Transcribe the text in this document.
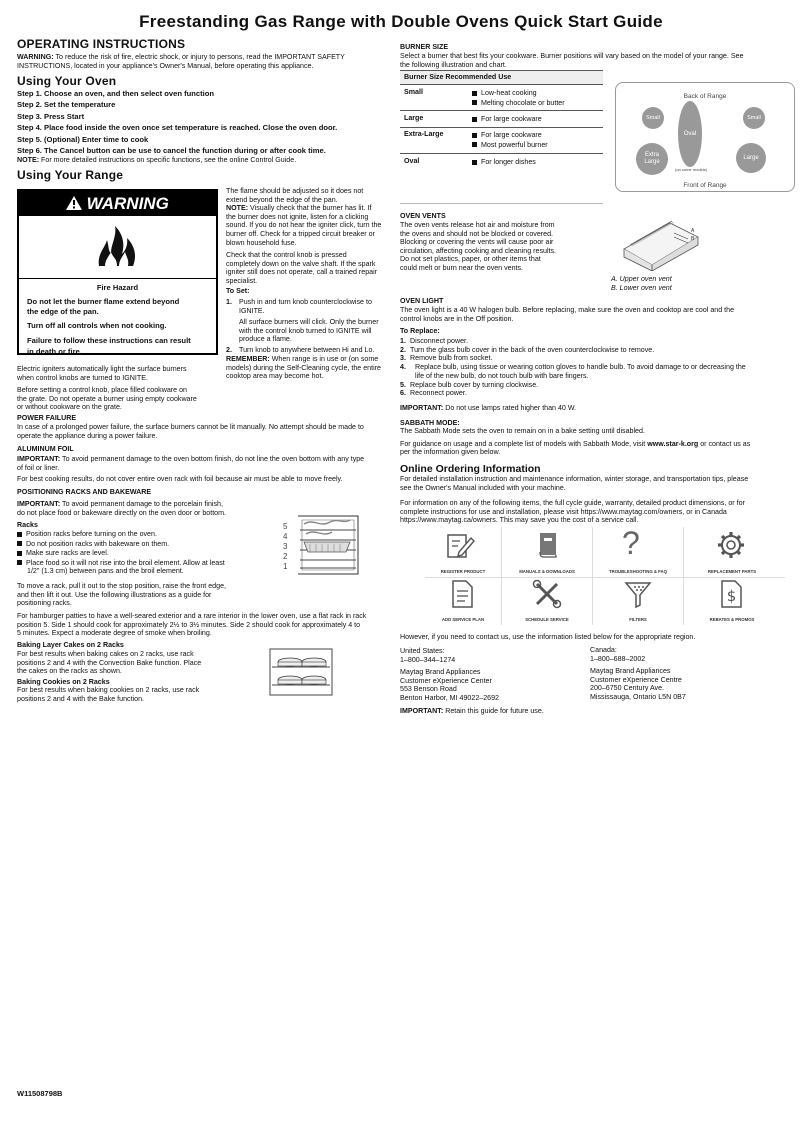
Freestanding Gas Range with Double Ovens Quick Start Guide
OPERATING INSTRUCTIONS
WARNING: To reduce the risk of fire, electric shock, or injury to persons, read the IMPORTANT SAFETY
INSTRUCTIONS, located in your appliance's Owner's Manual, before operating this appliance.
Using Your Oven
Step 1. Choose an oven, and then select oven function
Step 2. Set the temperature
Step 3. Press Start
Step 4. Place food inside the oven once set temperature is reached. Close the oven door.
Step 5. (Optional) Enter time to cook
Step 6. The Cancel button can be use to cancel the function during or after cook time.
NOTE: For more detailed instructions on specific functions, see the online Control Guide.
Using Your Range
WARNING
Fire Hazard
Do not let the burner flame extend beyond
the edge of the pan.
Turn off all controls when not cooking.
Failure to follow these instructions can result
in death or fire.
Electric igniters automatically light the surface burners
when control knobs are turned to IGNITE.
Before setting a control knob, place filled cookware on
the grate. Do not operate a burner using empty cookware
or without cookware on the grate.
POWER FAILURE
In case of a prolonged power failure, the surface burners cannot be lit manually. No attempt should be made to
operate the appliance during a power failure.
ALUMINUM FOIL
IMPORTANT: To avoid permanent damage to the oven bottom finish, do not line the oven bottom with any type
of foil or liner.
For best cooking results, do not cover entire oven rack with foil because air must be able to move freely.
POSITIONING RACKS AND BAKEWARE
IMPORTANT: To avoid permanent damage to the porcelain finish,
do not place food or bakeware directly on the oven door or bottom.
Racks
Position racks before turning on the oven.
Do not position racks with bakeware on them.
Make sure racks are level.
Place food so it will not rise into the broil element. Allow at least
1/2" (1.3 cm) between pans and the broil element.
To move a rack, pull it out to the stop position, raise the front edge,
and then lift it out. Use the following illustrations as a guide for
positioning racks.
5
4
3
2
1
For hamburger patties to have a well-seared exterior and a rare interior in the lower oven, use a flat rack in rack
position 5. Side 1 should cook for approximately 2½ to 3½ minutes. Side 2 should cook for approximately 4 to
5 minutes. Expect a moderate degree of smoke when broiling.
Baking Layer Cakes on 2 Racks
For best results when baking cakes on 2 racks, use rack
positions 2 and 4 with the Convection Bake function. Place
the cakes on the racks as shown.
Baking Cookies on 2 Racks
For best results when baking cookies on 2 racks, use rack
positions 2 and 4 with the Bake function.
The flame should be adjusted so it does not
extend beyond the edge of the pan.
NOTE: Visually check that the burner has lit. If
the burner does not ignite, listen for a clicking
sound. If you do not hear the igniter click, turn the
burner off. Check for a tripped circuit breaker or
blown household fuse.
Check that the control knob is pressed
completely down on the valve shaft. If the spark
igniter still does not operate, call a trained repair
specialist.
To Set:
1. Push in and turn knob counterclockwise to
IGNITE.
All surface burners will click. Only the burner
with the control knob turned to IGNITE will
produce a flame.
2. Turn knob to anywhere between Hi and Lo.
REMEMBER: When range is in use or (on some
models) during the Self-Cleaning cycle, the entire
cooktop area may become hot.
BURNER SIZE
Select a burner that best fits your cookware. Burner positions will vary based on the model of your range. See
the following illustration and chart.
Burner Size Recommended Use
Small	Low-heat cooking
Melting chocolate or butter
Large	For large cookware
Extra-Large	For large cookware
Most powerful burner
Oval	For longer dishes
Back of Range
Small	Small
Oval
Extra
Large
Large
(on some models)
Front of Range
OVEN VENTS
The oven vents release hot air and moisture from
the ovens and should not be blocked or covered.
Blocking or covering the vents will cause poor air
circulation, affecting cooking and cleaning results.
Do not set plastics, paper, or other items that
could melt or burn near the oven vents.
A
B
A. Upper oven vent
B. Lower oven vent
OVEN LIGHT
The oven light is a 40 W halogen bulb. Before replacing, make sure the oven and cooktop are cool and the
control knobs are in the Off position.
To Replace:
1. Disconnect power.
2. Turn the glass bulb cover in the back of the oven counterclockwise to remove.
3. Remove bulb from socket.
4. Replace bulb, using tissue or wearing cotton gloves to handle bulb. To avoid damage to or decreasing the
life of the new bulb, do not touch bulb with bare fingers.
5. Replace bulb cover by turning clockwise.
6. Reconnect power.
IMPORTANT: Do not use lamps rated higher than 40 W.
SABBATH MODE:
The Sabbath Mode sets the oven to remain on in a bake setting until disabled.
For guidance on usage and a complete list of models with Sabbath Mode, visit www.star-k.org or contact us as
per the information given below.
Online Ordering Information
For detailed installation instruction and maintenance information, winter storage, and transportation tips, please
see the Owner's Manual included with your machine.
For information on any of the following items, the full cycle guide, warranty, detailed product dimensions, or for
complete instructions for use and installation, please visit https://www.maytag.com/owners, or in Canada
https://www.maytag.ca/owners. This may save you the cost of a service call.
REGISTER PRODUCT	MANUALS & DOWNLOADS
?
TROUBLESHOOTING & FAQ	REPLACEMENT PARTS
ADD SERVICE PLAN	SCHEDULE SERVICE	FILTERS
$
REBATES & PROMOS
However, if you need to contact us, use the information listed below for the appropriate region.
United States:
1–800–344–1274
Maytag Brand Appliances
Customer eXperience Center
553 Benson Road
Benton Harbor, MI 49022–2692
Canada:
1–800–688–2002
Maytag Brand Appliances
Customer eXperience Centre
200–6750 Century Ave.
Mississauga, Ontario L5N 0B7
IMPORTANT: Retain this guide for future use.
W11508798B
